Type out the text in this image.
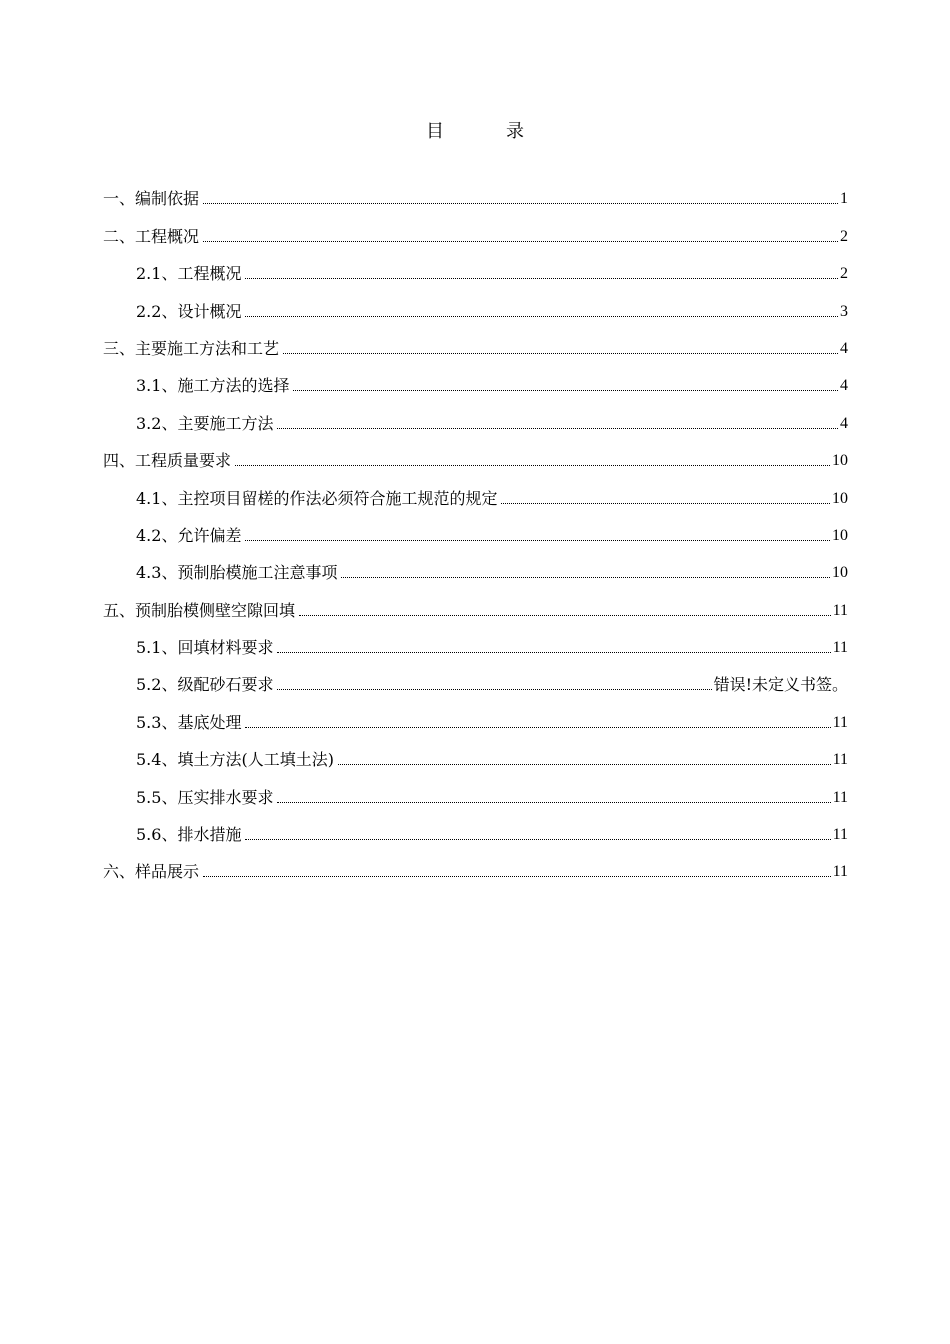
目　录
一、编制依据	1
二、工程概况	2
2.1、工程概况	2
2.2、设计概况	3
三、主要施工方法和工艺	4
3.1、施工方法的选择	4
3.2、主要施工方法	4
四、工程质量要求	10
4.1、主控项目留槎的作法必须符合施工规范的规定	10
4.2、允许偏差	10
4.3、预制胎模施工注意事项	10
五、预制胎模侧壁空隙回填	11
5.1、回填材料要求	11
5.2、级配砂石要求	错误!未定义书签。
5.3、基底处理	11
5.4、填土方法(人工填土法)	11
5.5、压实排水要求	11
5.6、排水措施	11
六、样品展示	11
